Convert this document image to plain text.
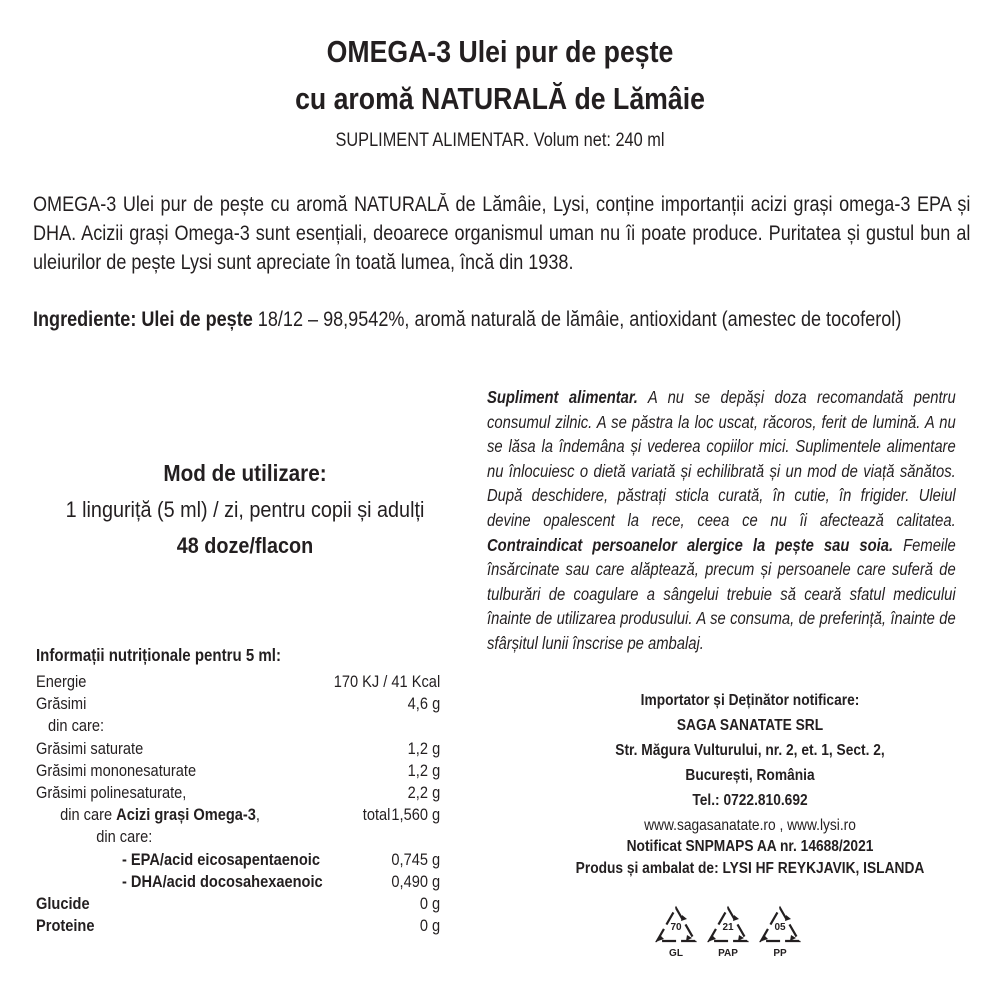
OMEGA-3 Ulei pur de pește
cu aromă NATURALĂ de Lămâie
SUPLIMENT ALIMENTAR. Volum net: 240 ml
OMEGA-3 Ulei pur de pește cu aromă NATURALĂ de Lămâie, Lysi, conține importanții acizi grași omega-3 EPA și DHA. Acizii grași Omega-3 sunt esențiali, deoarece organismul uman nu îi poate produce. Puritatea și gustul bun al uleiurilor de pește Lysi sunt apreciate în toată lumea, încă din 1938.
Ingrediente: Ulei de pește 18/12 – 98,9542%, aromă naturală de lămâie, antioxidant (amestec de tocoferol)
Mod de utilizare:
1 linguriță (5 ml) / zi, pentru copii și adulți
48 doze/flacon
Supliment alimentar. A nu se depăși doza recomandată pentru consumul zilnic. A se păstra la loc uscat, răcoros, ferit de lumină. A nu se lăsa la îndemâna și vederea copiilor mici. Suplimentele alimentare nu înlocuiesc o dietă variată și echilibrată și un mod de viață sănătos. După deschidere, păstrați sticla curată, în cutie, în frigider. Uleiul devine opalescent la rece, ceea ce nu îi afectează calitatea. Contraindicat persoanelor alergice la pește sau soia. Femeile însărcinate sau care alăptează, precum și persoanele care suferă de tulburări de coagulare a sângelui trebuie să ceară sfatul medicului înainte de utilizarea produsului. A se consuma, de preferință, înainte de sfârșitul lunii înscrise pe ambalaj.
Informații nutriționale pentru 5 ml:
Energie	170 KJ / 41 Kcal
Grăsimi	4,6 g
din care:
Grăsimi saturate	1,2 g
Grăsimi mononesaturate	1,2 g
Grăsimi polinesaturate,	2,2 g
din care Acizi grași Omega-3,	total 1,560 g
din care:
- EPA/acid eicosapentaenoic	0,745 g
- DHA/acid docosahexaenoic	0,490 g
Glucide	0 g
Proteine	0 g
Importator și Deținător notificare:
SAGA SANATATE SRL
Str. Măgura Vulturului, nr. 2, et. 1, Sect. 2,
București, România
Tel.: 0722.810.692
www.sagasanatate.ro , www.lysi.ro
Notificat SNPMAPS AA nr. 14688/2021
Produs și ambalat de: LYSI HF REYKJAVIK, ISLANDA
70
GL
21
PAP
05
PP
